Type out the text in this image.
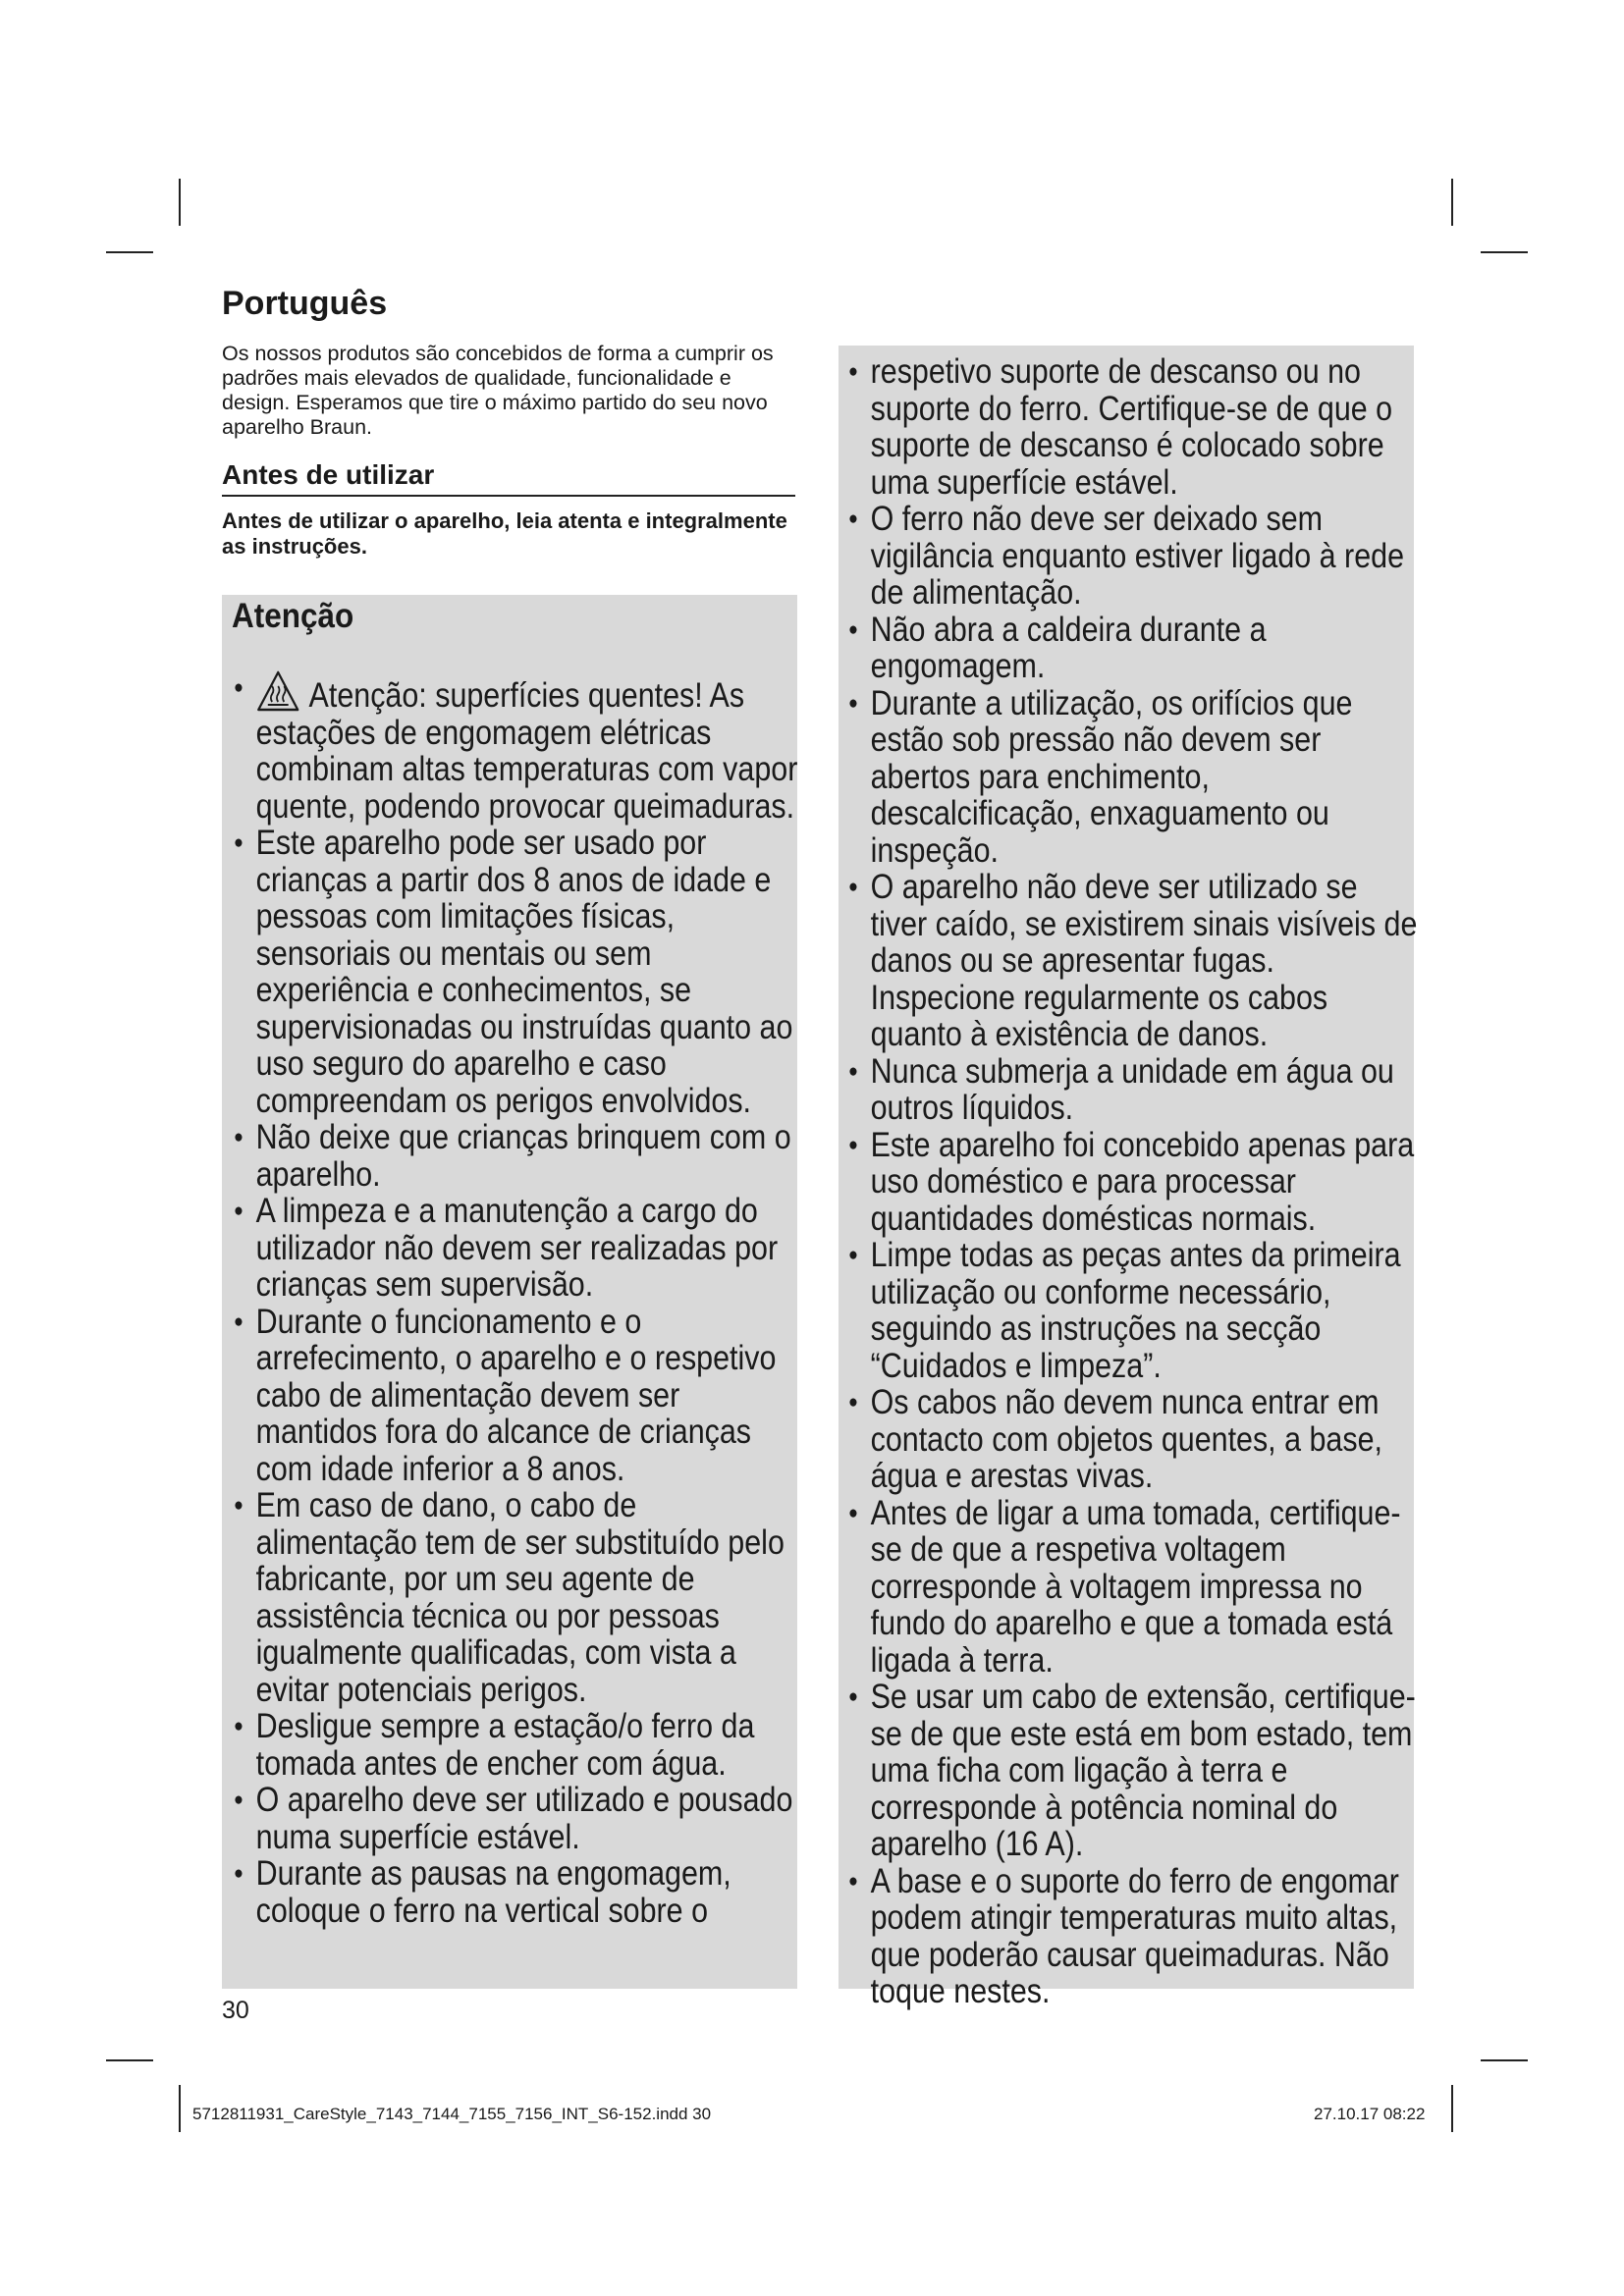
Português

Os nossos produtos são concebidos de forma a cumprir os padrões mais elevados de qualidade, funcionalidade e design. Esperamos que tire o máximo partido do seu novo aparelho Braun.

Antes de utilizar

Antes de utilizar o aparelho, leia atenta e integralmente as instruções.

Atenção
● Atenção: superfícies quentes! As estações de engomagem elétricas combinam altas temperaturas com vapor quente, podendo provocar queimaduras.
● Este aparelho pode ser usado por crianças a partir dos 8 anos de idade e pessoas com limitações físicas, sensoriais ou mentais ou sem experiência e conhecimentos, se supervisionadas ou instruídas quanto ao uso seguro do aparelho e caso compreendam os perigos envolvidos.
● Não deixe que crianças brinquem com o aparelho.
● A limpeza e a manutenção a cargo do utilizador não devem ser realizadas por crianças sem supervisão.
● Durante o funcionamento e o arrefecimento, o aparelho e o respetivo cabo de alimentação devem ser mantidos fora do alcance de crianças com idade inferior a 8 anos.
● Em caso de dano, o cabo de alimentação tem de ser substituído pelo fabricante, por um seu agente de assistência técnica ou por pessoas igualmente qualificadas, com vista a evitar potenciais perigos.
● Desligue sempre a estação/o ferro da tomada antes de encher com água.
● O aparelho deve ser utilizado e pousado numa superfície estável.
● Durante as pausas na engomagem, coloque o ferro na vertical sobre o
● respetivo suporte de descanso ou no suporte do ferro. Certifique-se de que o suporte de descanso é colocado sobre uma superfície estável.
● O ferro não deve ser deixado sem vigilância enquanto estiver ligado à rede de alimentação.
● Não abra a caldeira durante a engomagem.
● Durante a utilização, os orifícios que estão sob pressão não devem ser abertos para enchimento, descalcificação, enxaguamento ou inspeção.
● O aparelho não deve ser utilizado se tiver caído, se existirem sinais visíveis de danos ou se apresentar fugas. Inspecione regularmente os cabos quanto à existência de danos.
● Nunca submerja a unidade em água ou outros líquidos.
● Este aparelho foi concebido apenas para uso doméstico e para processar quantidades domésticas normais.
● Limpe todas as peças antes da primeira utilização ou conforme necessário, seguindo as instruções na secção “Cuidados e limpeza”.
● Os cabos não devem nunca entrar em contacto com objetos quentes, a base, água e arestas vivas.
● Antes de ligar a uma tomada, certifique-se de que a respetiva voltagem corresponde à voltagem impressa no fundo do aparelho e que a tomada está ligada à terra.
● Se usar um cabo de extensão, certifique-se de que este está em bom estado, tem uma ficha com ligação à terra e corresponde à potência nominal do aparelho (16 A).
● A base e o suporte do ferro de engomar podem atingir temperaturas muito altas, que poderão causar queimaduras. Não toque nestes.

30

5712811931_CareStyle_7143_7144_7155_7156_INT_S6-152.indd 30	27.10.17 08:22
